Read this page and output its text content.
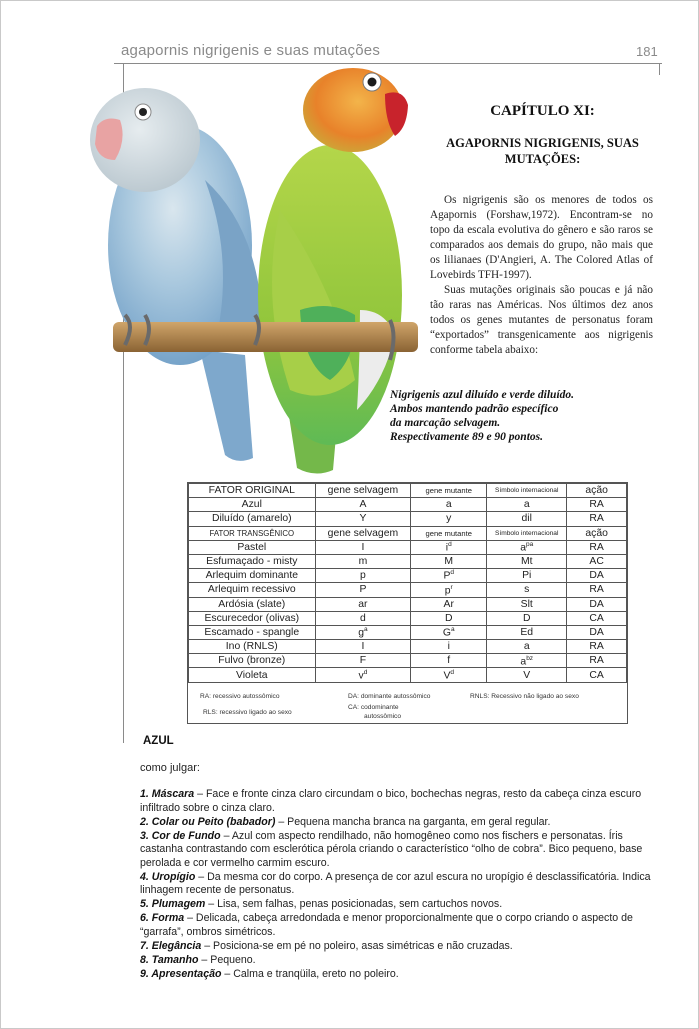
agapornis nigrigenis e suas mutações	181
CAPÍTULO XI:
AGAPORNIS NIGRIGENIS, SUAS MUTAÇÕES:

Os nigrigenis são os menores de todos os Agapornis (Forshaw,1972). Encontram-se no topo da escala evolutiva do gênero e são raros se comparados aos demais do grupo, não mais que os lilianaes (D'Angieri, A. The Colored Atlas of Lovebirds TFH-1997).

Suas mutações originais são poucas e já não tão raras nas Américas. Nos últimos dez anos todos os genes mutantes de personatus foram “exportados” transgenicamente aos nigrigenis conforme tabela abaixo:

Nigrigenis azul diluído e verde diluído.
Ambos mantendo padrão específico
da marcação selvagem.
Respectivamente 89 e 90 pontos.
FATOR ORIGINAL	gene selvagem	gene mutante	Símbolo internacional	ação
Azul	A	a	a	RA
Diluído (amarelo)	Y	y	dil	RA
FATOR TRANSGÊNICO	gene selvagem	gene mutante	Símbolo internacional	ação
Pastel	I	$i^d$	$a^{pa}$	RA
Esfumaçado - misty	m	M	Mt	AC
Arlequim dominante	p	$P^d$	Pi	DA
Arlequim recessivo	P	$p^r$	s	RA
Ardósia (slate)	ar	Ar	Slt	DA
Escurecedor (olivas)	d	D	D	CA
Escamado - spangle	$g^a$	$G^a$	Ed	DA
Ino (RNLS)	I	i	a	RA
Fulvo (bronze)	F	f	$a^{bz}$	RA
Violeta	$v^d$	$V^d$	V	CA

RA: recessivo autossômico	DA: dominante autossômico	RNLS: Recessivo não ligado ao sexo
RLS: recessivo ligado ao sexo
CA: codominante
autossômico
AZUL
como julgar:
1. Máscara – Face e fronte cinza claro circundam o bico, bochechas negras, resto da cabeça cinza escuro infiltrado sobre o cinza claro.
2. Colar ou Peito (babador) – Pequena mancha branca na garganta, em geral regular.
3. Cor de Fundo – Azul com aspecto rendilhado, não homogêneo como nos fischers e personatas. Íris castanha contrastando com esclerótica pérola criando o característico “olho de cobra”. Bico pequeno, base perolada e cor vermelho carmim escuro.
4. Uropígio – Da mesma cor do corpo. A presença de cor azul escura no uropígio é desclassificatória. Indica linhagem recente de personatus.
5. Plumagem – Lisa, sem falhas, penas posicionadas, sem cartuchos novos.
6. Forma – Delicada, cabeça arredondada e menor proporcionalmente que o corpo criando o aspecto de “garrafa”, ombros simétricos.
7. Elegância – Posiciona-se em pé no poleiro, asas simétricas e não cruzadas.
8. Tamanho – Pequeno.
9. Apresentação – Calma e tranqüila, ereto no poleiro.
